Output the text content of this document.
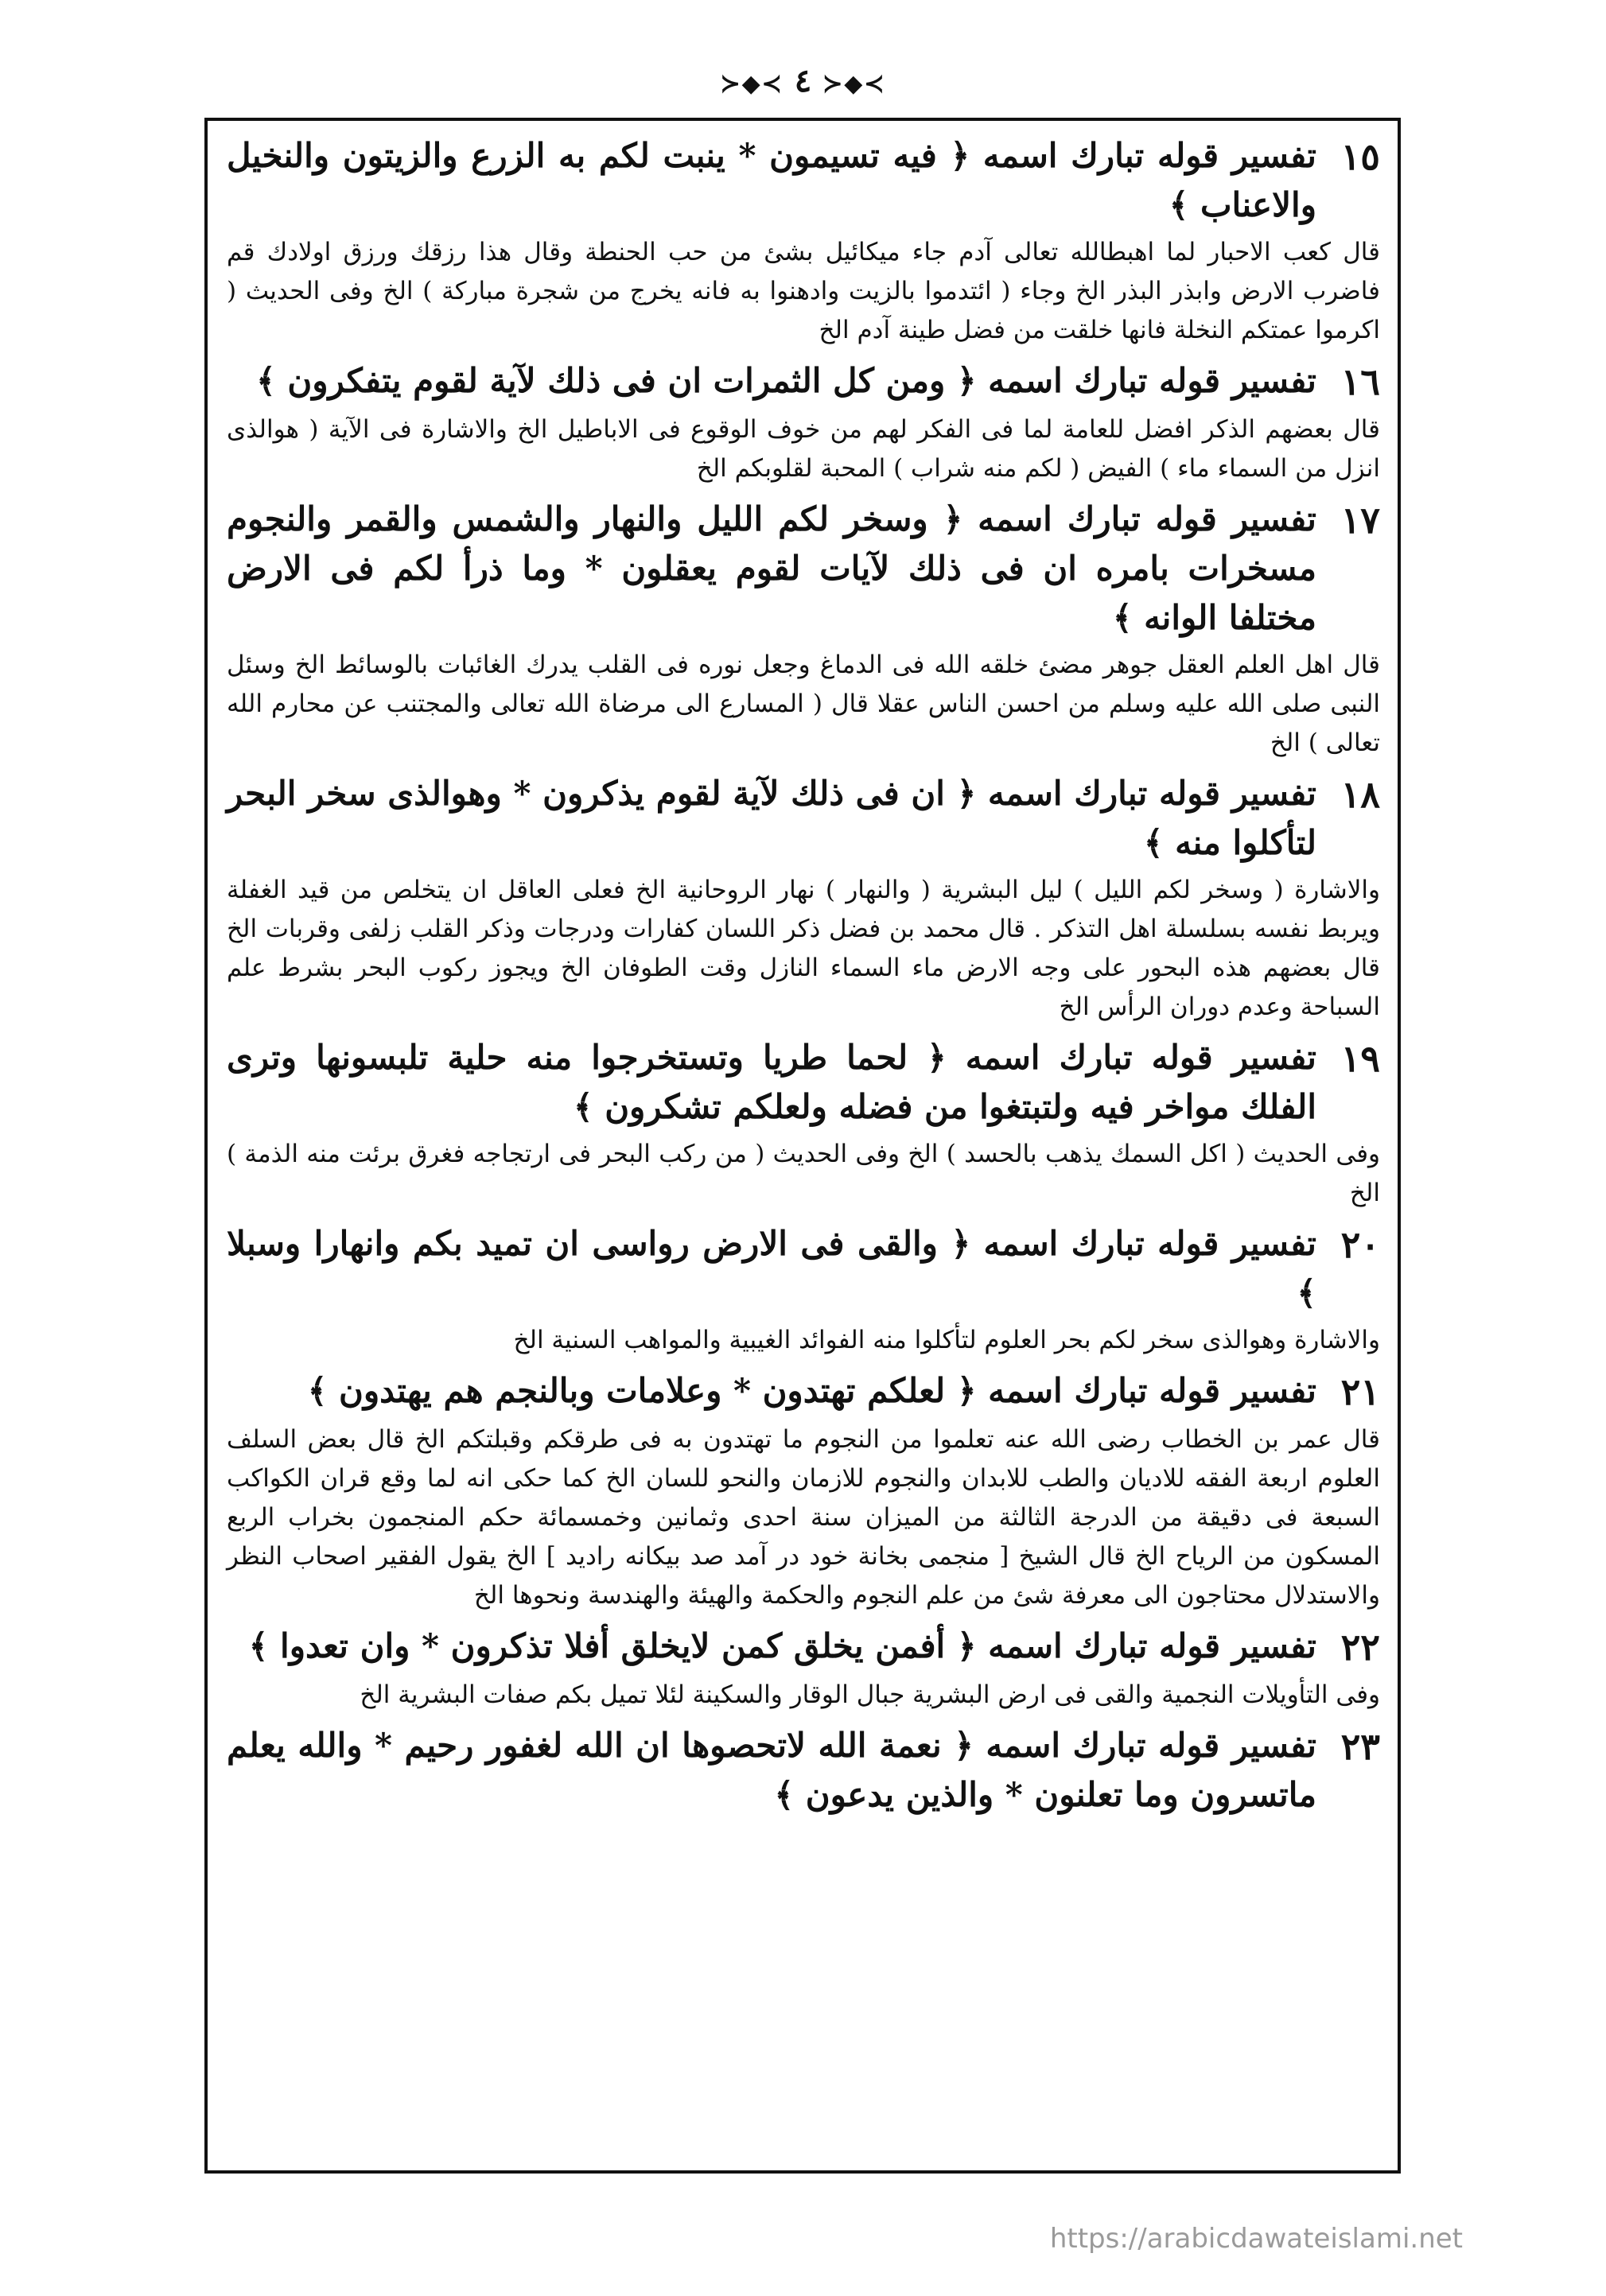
≻◆≺ ٤ ≻◆≺
١٥
تفسير قوله تبارك اسمه ﴿ فيه تسيمون * ينبت لكم به الزرع والزيتون والنخيل والاعناب ﴾
قال كعب الاحبار لما اهبطالله تعالى آدم جاء ميكائيل بشئ من حب الحنطة وقال هذا رزقك ورزق اولادك قم فاضرب الارض وابذر البذر الخ وجاء ( ائتدموا بالزيت وادهنوا به فانه يخرج من شجرة مباركة ) الخ وفى الحديث ( اكرموا عمتكم النخلة فانها خلقت من فضل طينة آدم الخ
١٦
تفسير قوله تبارك اسمه ﴿ ومن كل الثمرات ان فى ذلك لآية لقوم يتفكرون ﴾
قال بعضهم الذكر افضل للعامة لما فى الفكر لهم من خوف الوقوع فى الاباطيل الخ والاشارة فى الآية ( هوالذى انزل من السماء ماء ) الفيض ( لكم منه شراب ) المحبة لقلوبكم الخ
١٧
تفسير قوله تبارك اسمه ﴿ وسخر لكم الليل والنهار والشمس والقمر والنجوم مسخرات بامره ان فى ذلك لآيات لقوم يعقلون * وما ذرأ لكم فى الارض مختلفا الوانه ﴾
قال اهل العلم العقل جوهر مضئ خلقه الله فى الدماغ وجعل نوره فى القلب يدرك الغائبات بالوسائط الخ وسئل النبى صلى الله عليه وسلم من احسن الناس عقلا قال ( المسارع الى مرضاة الله تعالى والمجتنب عن محارم الله تعالى ) الخ
١٨
تفسير قوله تبارك اسمه ﴿ ان فى ذلك لآية لقوم يذكرون * وهوالذى سخر البحر لتأكلوا منه ﴾
والاشارة ( وسخر لكم الليل ) ليل البشرية ( والنهار ) نهار الروحانية الخ فعلى العاقل ان يتخلص من قيد الغفلة ويربط نفسه بسلسلة اهل التذكر . قال محمد بن فضل ذكر اللسان كفارات ودرجات وذكر القلب زلفى وقربات الخ قال بعضهم هذه البحور على وجه الارض ماء السماء النازل وقت الطوفان الخ ويجوز ركوب البحر بشرط علم السباحة وعدم دوران الرأس الخ
١٩
تفسير قوله تبارك اسمه ﴿ لحما طريا وتستخرجوا منه حلية تلبسونها وترى الفلك مواخر فيه ولتبتغوا من فضله ولعلكم تشكرون ﴾
وفى الحديث ( اكل السمك يذهب بالحسد ) الخ وفى الحديث ( من ركب البحر فى ارتجاجه فغرق برئت منه الذمة ) الخ
٢٠
تفسير قوله تبارك اسمه ﴿ والقى فى الارض رواسى ان تميد بكم وانهارا وسبلا ﴾
والاشارة وهوالذى سخر لكم بحر العلوم لتأكلوا منه الفوائد الغيبية والمواهب السنية الخ
٢١
تفسير قوله تبارك اسمه ﴿ لعلكم تهتدون * وعلامات وبالنجم هم يهتدون ﴾
قال عمر بن الخطاب رضى الله عنه تعلموا من النجوم ما تهتدون به فى طرقكم وقبلتكم الخ قال بعض السلف العلوم اربعة الفقه للاديان والطب للابدان والنجوم للازمان والنحو للسان الخ كما حكى انه لما وقع قران الكواكب السبعة فى دقيقة من الدرجة الثالثة من الميزان سنة احدى وثمانين وخمسمائة حكم المنجمون بخراب الربع المسكون من الرياح الخ قال الشيخ [ منجمى بخانة خود در آمد صد بيكانه راديد ] الخ يقول الفقير اصحاب النظر والاستدلال محتاجون الى معرفة شئ من علم النجوم والحكمة والهيئة والهندسة ونحوها الخ
٢٢
تفسير قوله تبارك اسمه ﴿ أفمن يخلق كمن لايخلق أفلا تذكرون * وان تعدوا ﴾
وفى التأويلات النجمية والقى فى ارض البشرية جبال الوقار والسكينة لئلا تميل بكم صفات البشرية الخ
٢٣
تفسير قوله تبارك اسمه ﴿ نعمة الله لاتحصوها ان الله لغفور رحيم * والله يعلم ماتسرون وما تعلنون * والذين يدعون ﴾
https://arabicdawateislami.net
